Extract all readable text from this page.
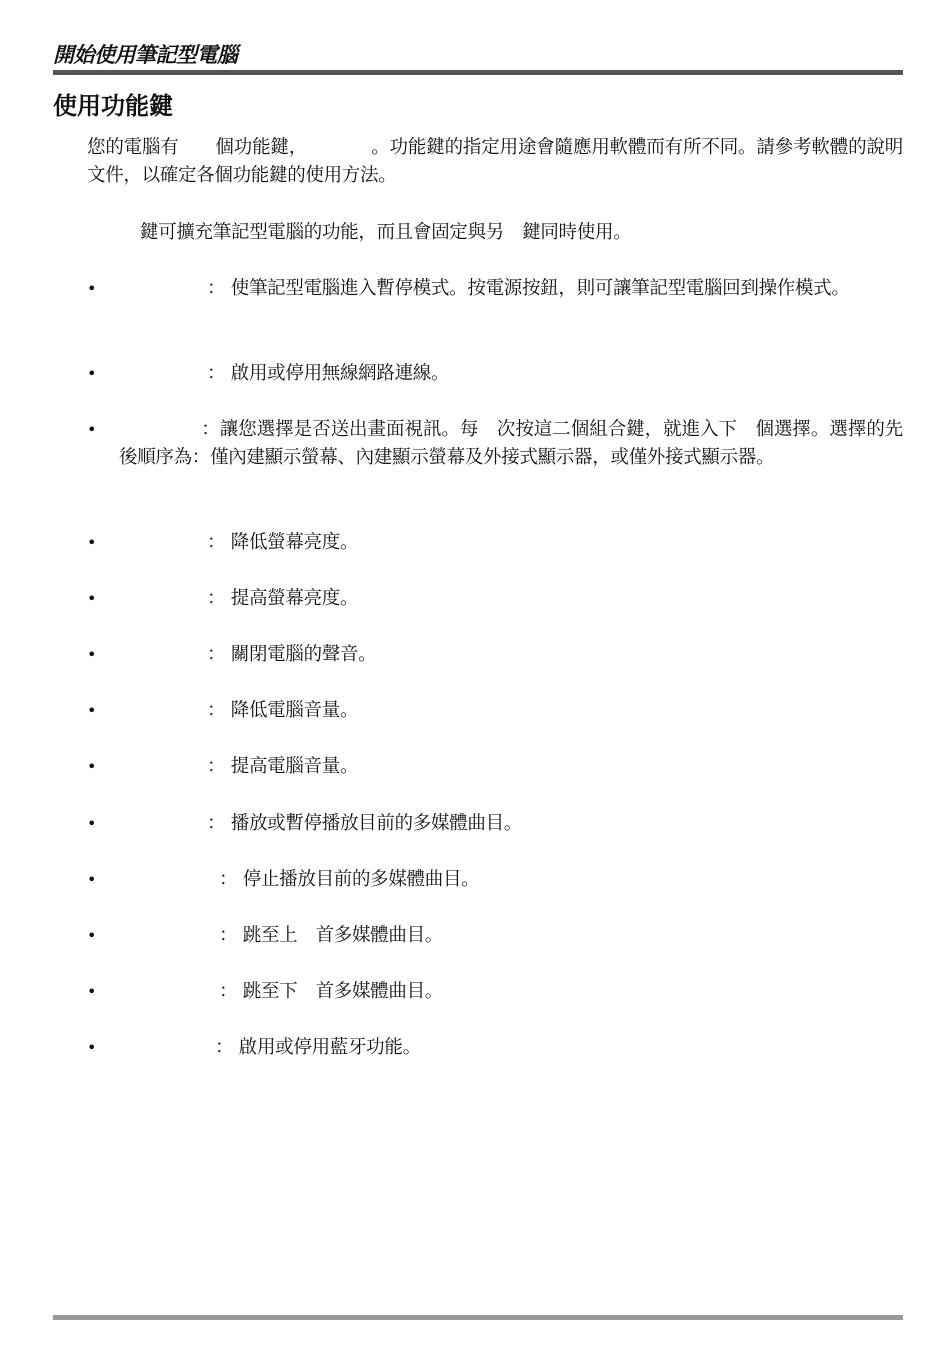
開始使用筆記型電腦
使用功能鍵

您的電腦有　　個功能鍵，　　　　。功能鍵的指定用途會隨應用軟體而有所不同。請參考軟體的說明文件，以確定各個功能鍵的使用方法。

鍵可擴充筆記型電腦的功能，而且會固定與另　鍵同時使用。

•	： 使筆記型電腦進入暫停模式。按電源按鈕，則可讓筆記型電腦回到操作模式。
•	： 啟用或停用無線網路連線。
•	：讓您選擇是否送出畫面視訊。每　次按這二個組合鍵，就進入下　個選擇。選擇的先後順序為：僅內建顯示螢幕、內建顯示螢幕及外接式顯示器，或僅外接式顯示器。
•	： 降低螢幕亮度。
•	： 提高螢幕亮度。
•	： 關閉電腦的聲音。
•	： 降低電腦音量。
•	： 提高電腦音量。
•	： 播放或暫停播放目前的多媒體曲目。
•	： 停止播放目前的多媒體曲目。
•	： 跳至上　首多媒體曲目。
•	： 跳至下　首多媒體曲目。
•	： 啟用或停用藍牙功能。
